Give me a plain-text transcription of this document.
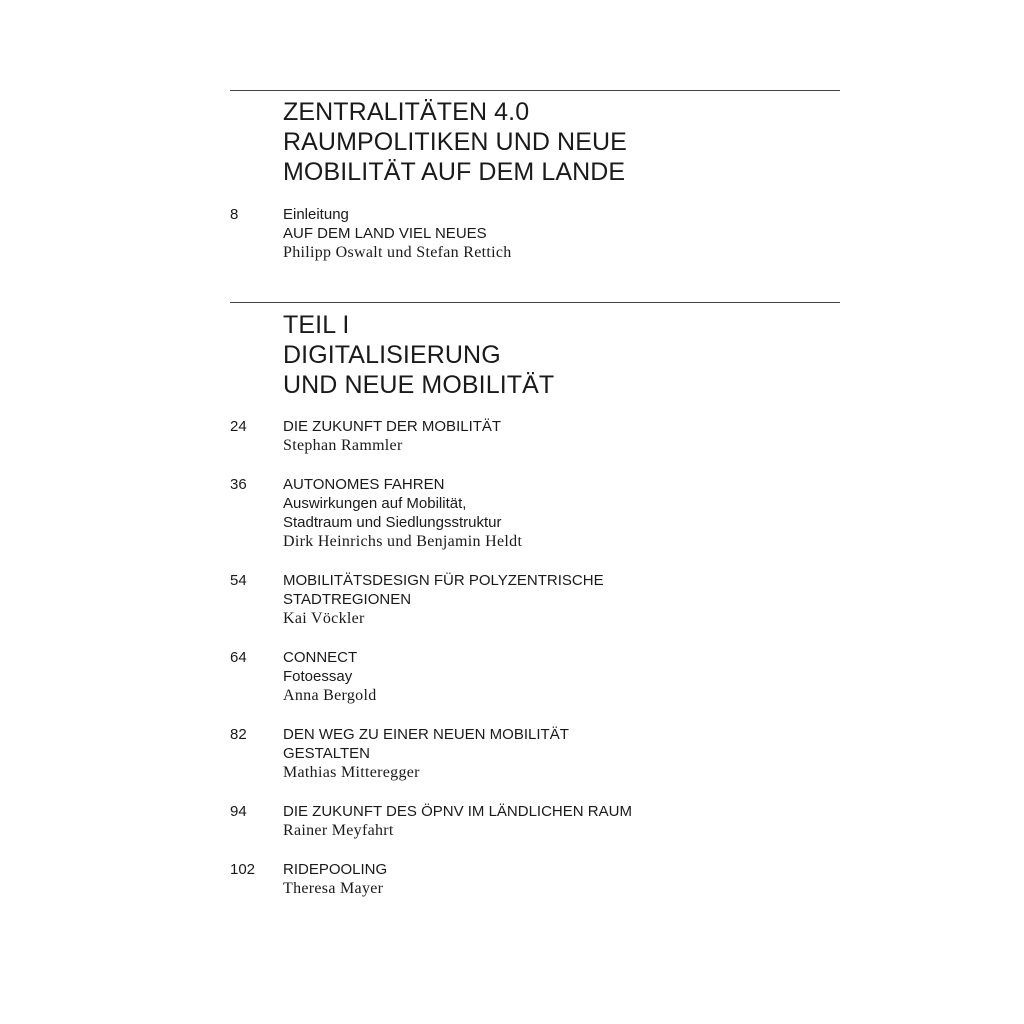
ZENTRALITÄTEN 4.0
RAUMPOLITIKEN UND NEUE
MOBILITÄT AUF DEM LANDE
8	Einleitung
AUF DEM LAND VIEL NEUES
Philipp Oswalt und Stefan Rettich
TEIL I
DIGITALISIERUNG
UND NEUE MOBILITÄT
24 DIE ZUKUNFT DER MOBILITÄT
Stephan Rammler
36 AUTONOMES FAHREN
Auswirkungen auf Mobilität,
Stadtraum und Siedlungsstruktur
Dirk Heinrichs und Benjamin Heldt
54 MOBILITÄTSDESIGN FÜR POLYZENTRISCHE
STADTREGIONEN
Kai Vöckler
64 CONNECT
Fotoessay
Anna Bergold
82 DEN WEG ZU EINER NEUEN MOBILITÄT
GESTALTEN
Mathias Mitteregger
94 DIE ZUKUNFT DES ÖPNV IM LÄNDLICHEN RAUM
Rainer Meyfahrt
102 RIDEPOOLING
Theresa Mayer
